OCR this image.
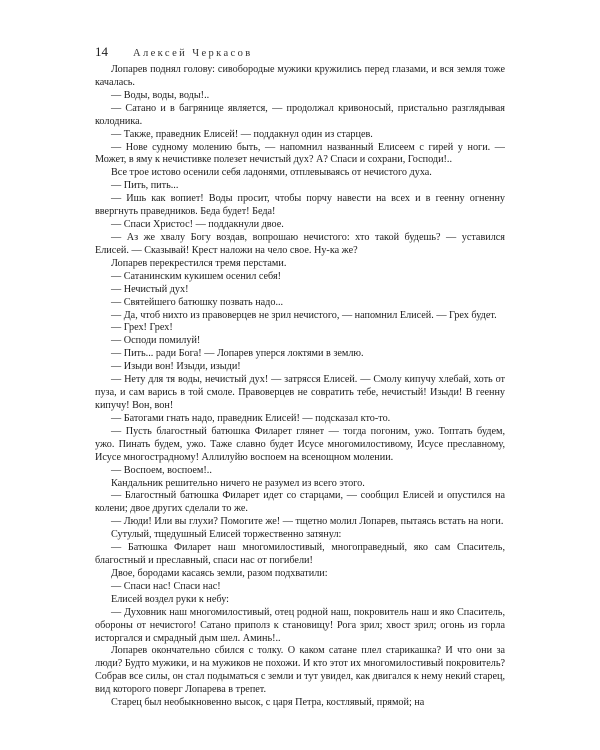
14	Алексей Черкасов

Лопарев поднял голову: сивобородые мужики кружились перед глазами, и вся земля тоже качалась.

— Воды, воды, воды!..

— Сатано и в багрянице является, — продолжал кривоносый, пристально разглядывая колодника.

— Также, праведник Елисей! — поддакнул один из старцев.

— Нове судному молению быть, — напомнил названный Елисеем с гирей у ноги. — Может, в яму к нечистивке полезет нечистый дух? А? Спаси и сохрани, Господи!..

Все трое истово осенили себя ладонями, отплевываясь от нечистого духа.

— Пить, пить...

— Ишь как вопиет! Воды просит, чтобы порчу навести на всех и в геенну огненну ввергнуть праведников. Беда будет! Беда!

— Спаси Христос! — поддакнули двое.

— Аз же хвалу Богу воздав, вопрошаю нечистого: хто такой будешь? — уставился Елисей. — Сказывай! Крест наложи на чело свое. Ну-ка же?

Лопарев перекрестился тремя перстами.

— Сатанинским кукишем осенил себя!

— Нечистый дух!

— Святейшего батюшку позвать надо...

— Да, чтоб нихто из правоверцев не зрил нечистого, — напомнил Елисей. — Грех будет.

— Грех! Грех!

— Осподи помилуй!

— Пить... ради Бога! — Лопарев уперся локтями в землю.

— Изыди вон! Изыди, изыди!

— Нету для тя воды, нечистый дух! — затрясся Елисей. — Смолу кипучу хлебай, хоть от пуза, и сам варись в той смоле. Правоверцев не совратить тебе, нечистый! Изыди! В геенну кипучу! Вон, вон!

— Батогами гнать надо, праведник Елисей! — подсказал кто-то.

— Пусть благостный батюшка Филарет глянет — тогда погоним, ужо. Топтать будем, ужо. Пинать будем, ужо. Таже славно будет Исусе многомилостивому, Исусе преславному, Исусе многострадному! Аллилуйю воспоем на всенощном молении.

— Воспоем, воспоем!..

Кандальник решительно ничего не разумел из всего этого.

— Благостный батюшка Филарет идет со старцами, — сообщил Елисей и опустился на колени; двое других сделали то же.

— Люди! Или вы глухи? Помогите же! — тщетно молил Лопарев, пытаясь встать на ноги.

Сутулый, тщедушный Елисей торжественно затянул:

— Батюшка Филарет наш многомилостивый, многоправедный, яко сам Спаситель, благостный и преславный, спаси нас от погибели!

Двое, бородами касаясь земли, разом подхватили:

— Спаси нас! Спаси нас!

Елисей воздел руки к небу:

— Духовник наш многомилостивый, отец родной наш, покровитель наш и яко Спаситель, обороны от нечистого! Сатано приполз к становищу! Рога зрил; хвост зрил; огонь из горла исторгался и смрадный дым шел. Аминь!..

Лопарев окончательно сбился с толку. О каком сатане плел старикашка? И что они за люди? Будто мужики, и на мужиков не похожи. И кто этот их многомилостивый покровитель? Собрав все силы, он стал подыматься с земли и тут увидел, как двигался к нему некий старец, вид которого поверг Лопарева в трепет.

Старец был необыкновенно высок, с царя Петра, костлявый, прямой; на
